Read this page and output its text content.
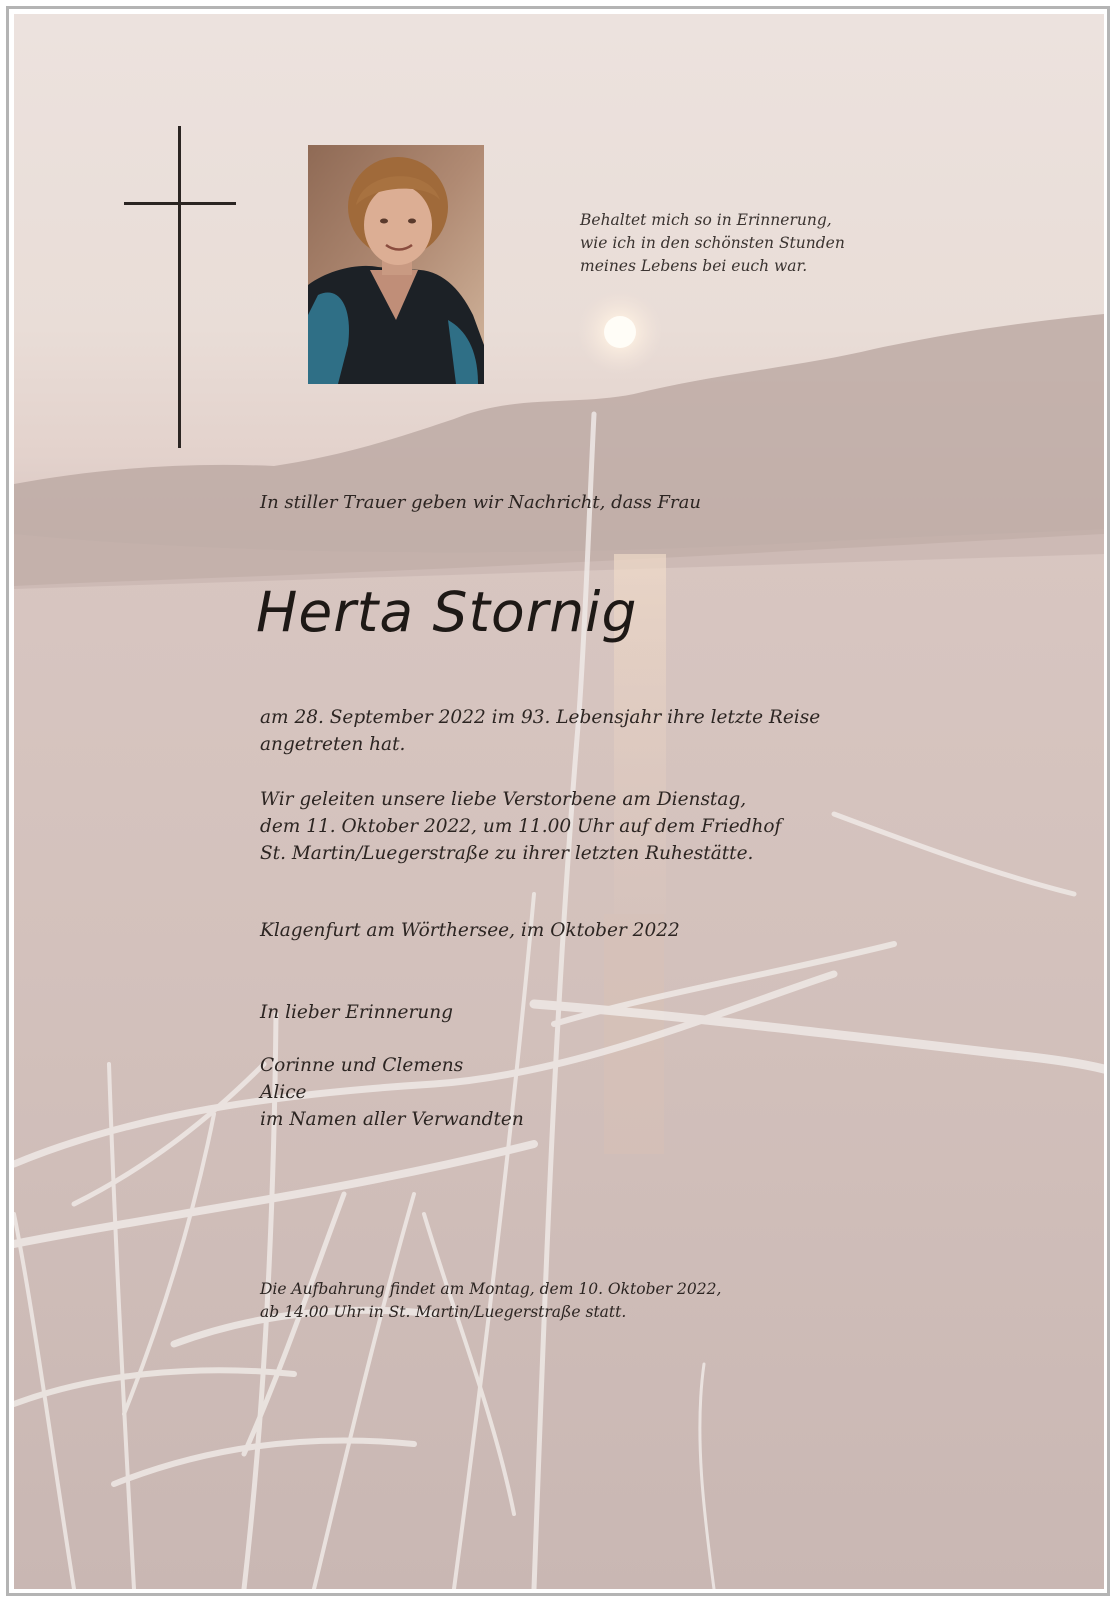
Behaltet mich so in Erinnerung,
wie ich in den schönsten Stunden
meines Lebens bei euch war.
In stiller Trauer geben wir Nachricht, dass Frau
Herta Stornig
am 28. September 2022 im 93. Lebensjahr ihre letzte Reise
angetreten hat.
Wir geleiten unsere liebe Verstorbene am Dienstag,
dem 11. Oktober 2022, um 11.00 Uhr auf dem Friedhof
St. Martin/Luegerstraße zu ihrer letzten Ruhestätte.
Klagenfurt am Wörthersee, im Oktober 2022
In lieber Erinnerung
Corinne und Clemens
Alice
im Namen aller Verwandten
Die Aufbahrung findet am Montag, dem 10. Oktober 2022,
ab 14.00 Uhr in St. Martin/Luegerstraße statt.
